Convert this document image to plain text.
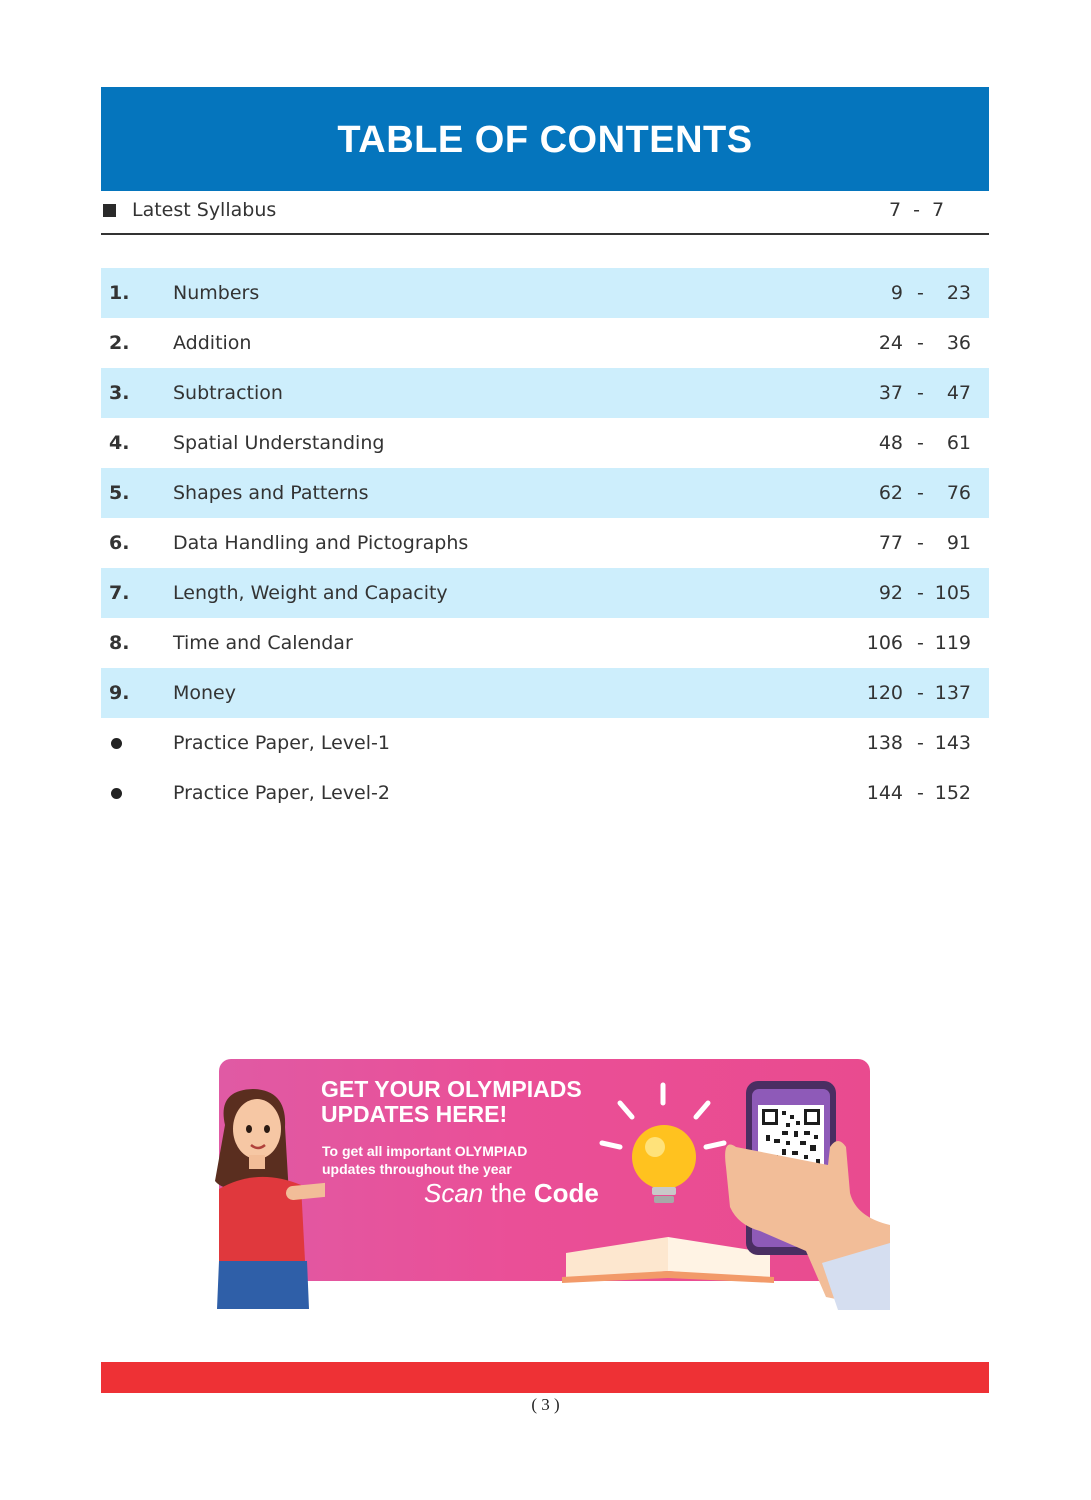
TABLE OF CONTENTS
Latest Syllabus	7 - 7
1. Numbers	9 - 23
2. Addition	24 - 36
3. Subtraction	37 - 47
4. Spatial Understanding	48 - 61
5. Shapes and Patterns	62 - 76
6. Data Handling and Pictographs	77 - 91
7. Length, Weight and Capacity	92 - 105
8. Time and Calendar	106 - 119
9. Money	120 - 137
Practice Paper, Level-1	138 - 143
Practice Paper, Level-2	144 - 152
GET YOUR OLYMPIADS
UPDATES HERE!
To get all important OLYMPIAD
updates throughout the year
Scan the Code
( 3 )
